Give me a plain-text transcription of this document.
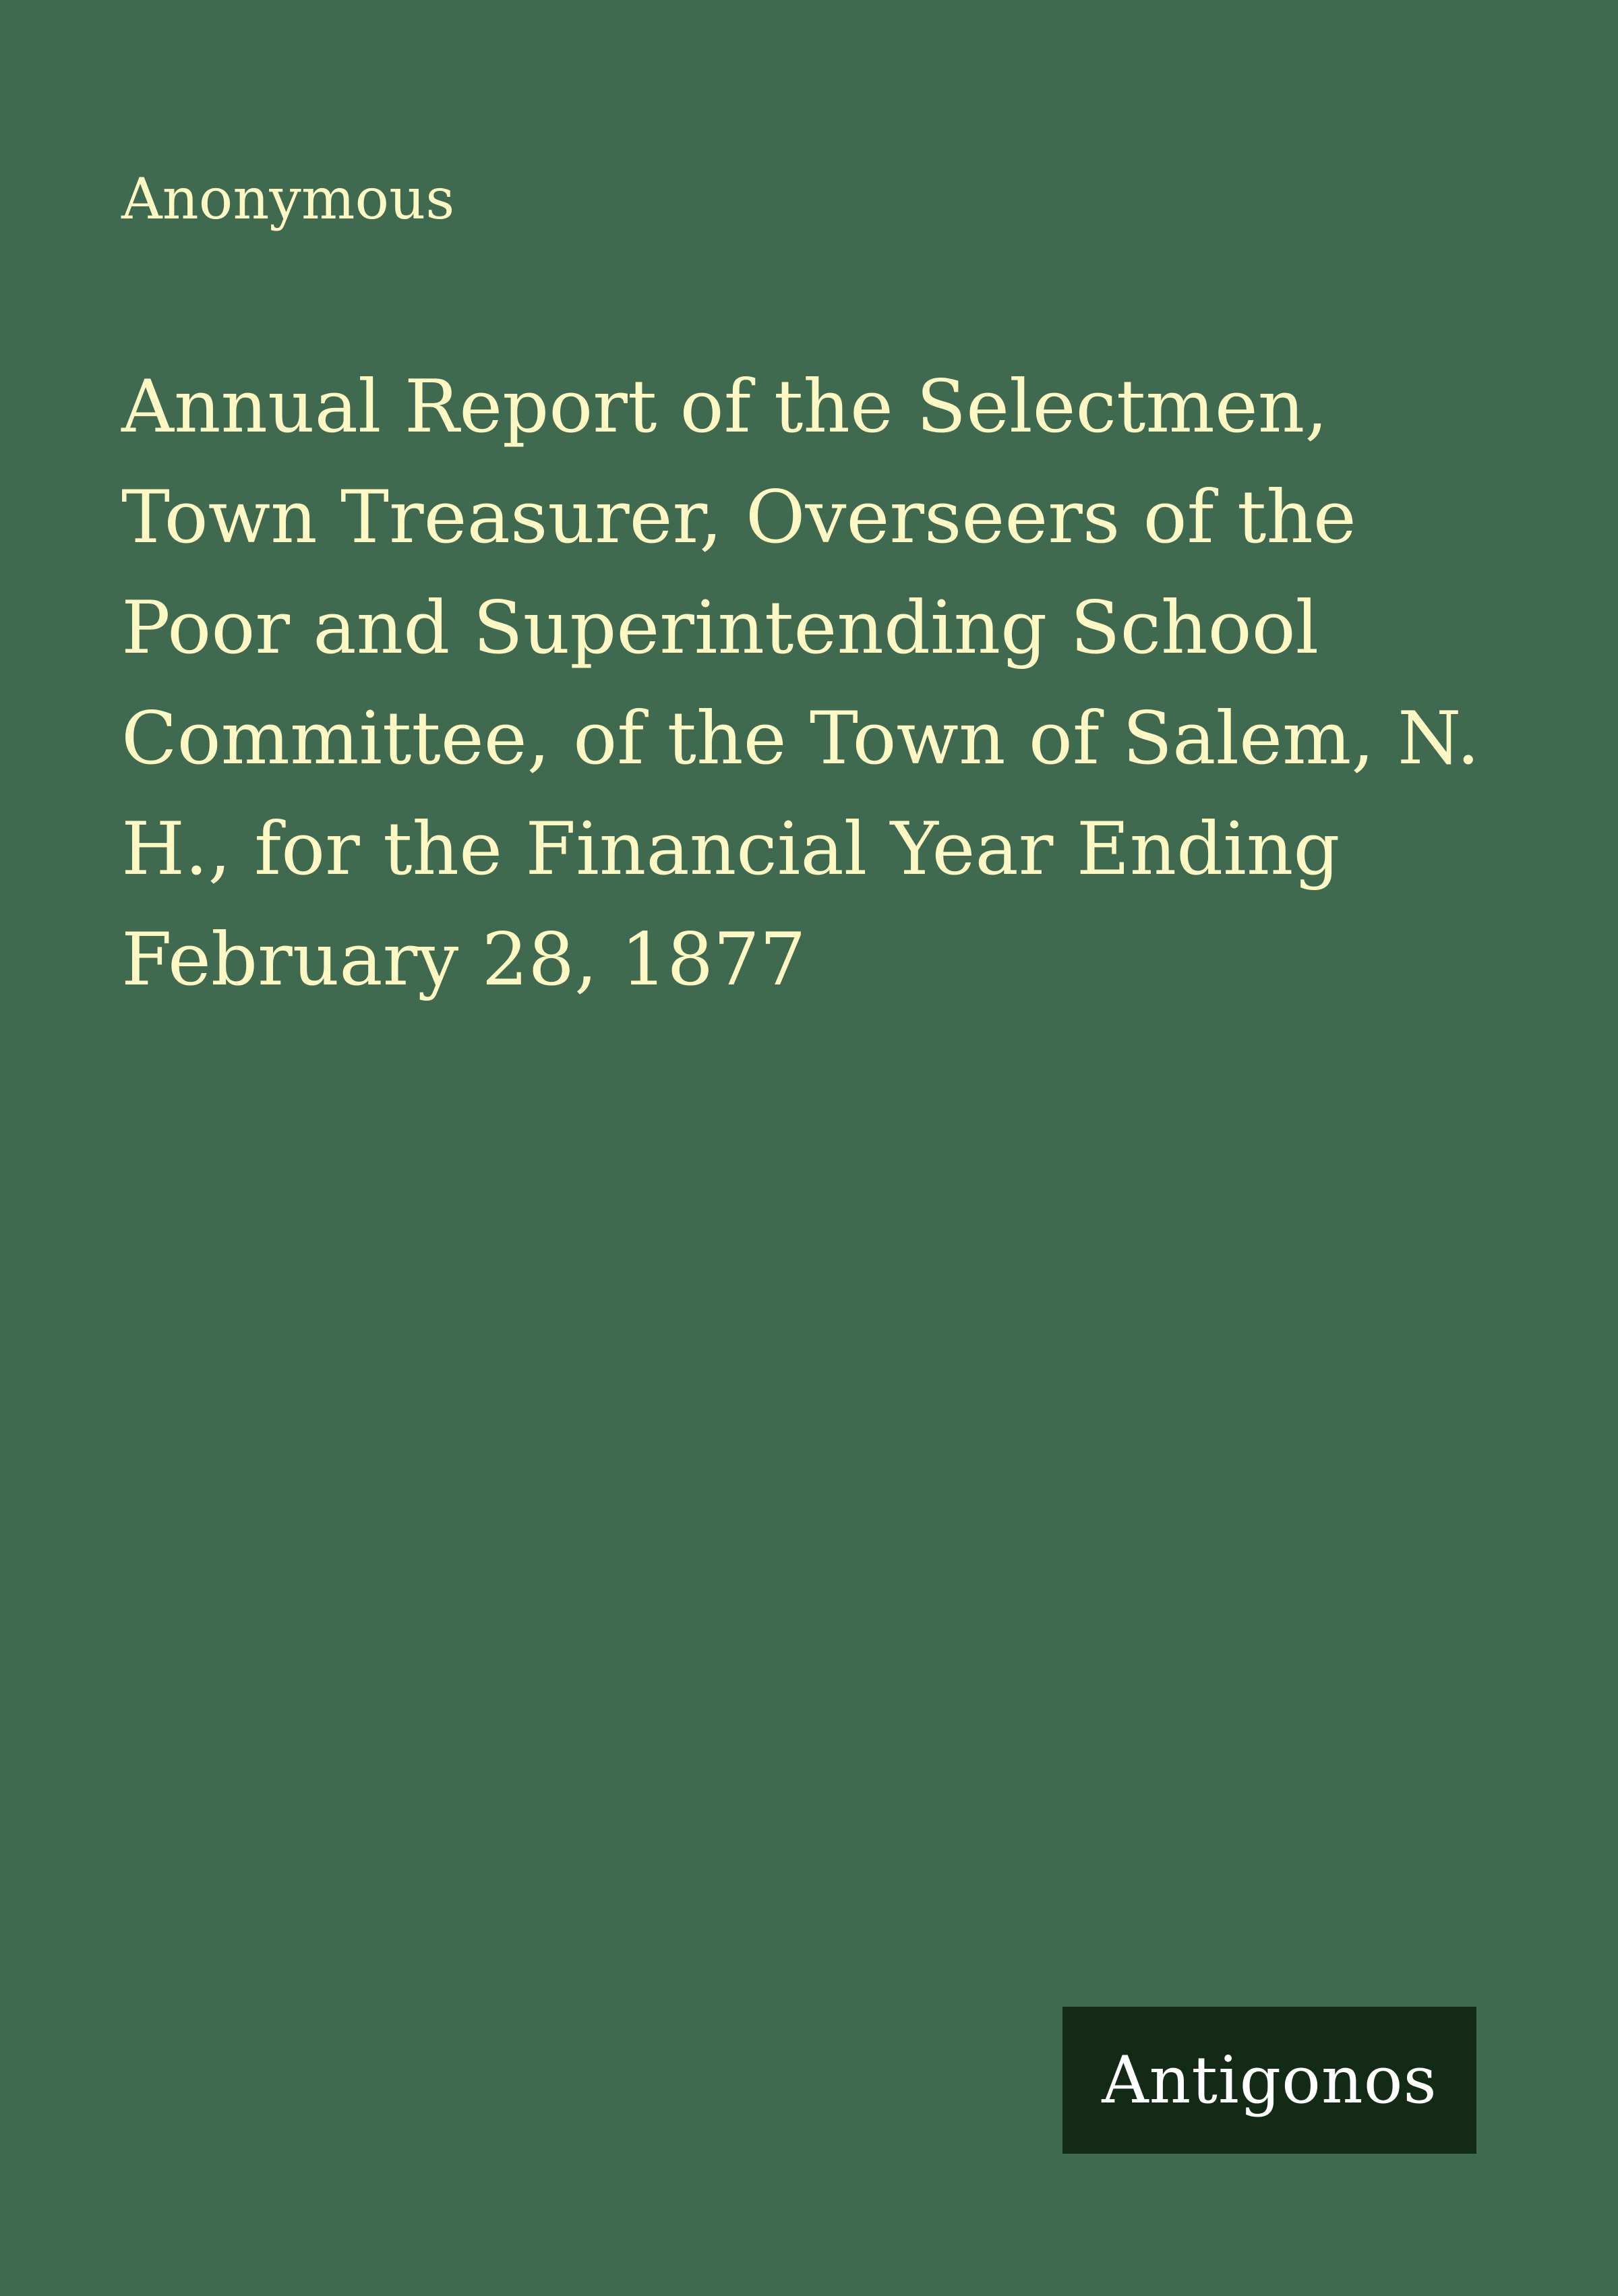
Anonymous

Annual Report of the Selectmen,
Town Treasurer, Overseers of the
Poor and Superintending School
Committee, of the Town of Salem, N.
H., for the Financial Year Ending
February 28, 1877
Antigonos
